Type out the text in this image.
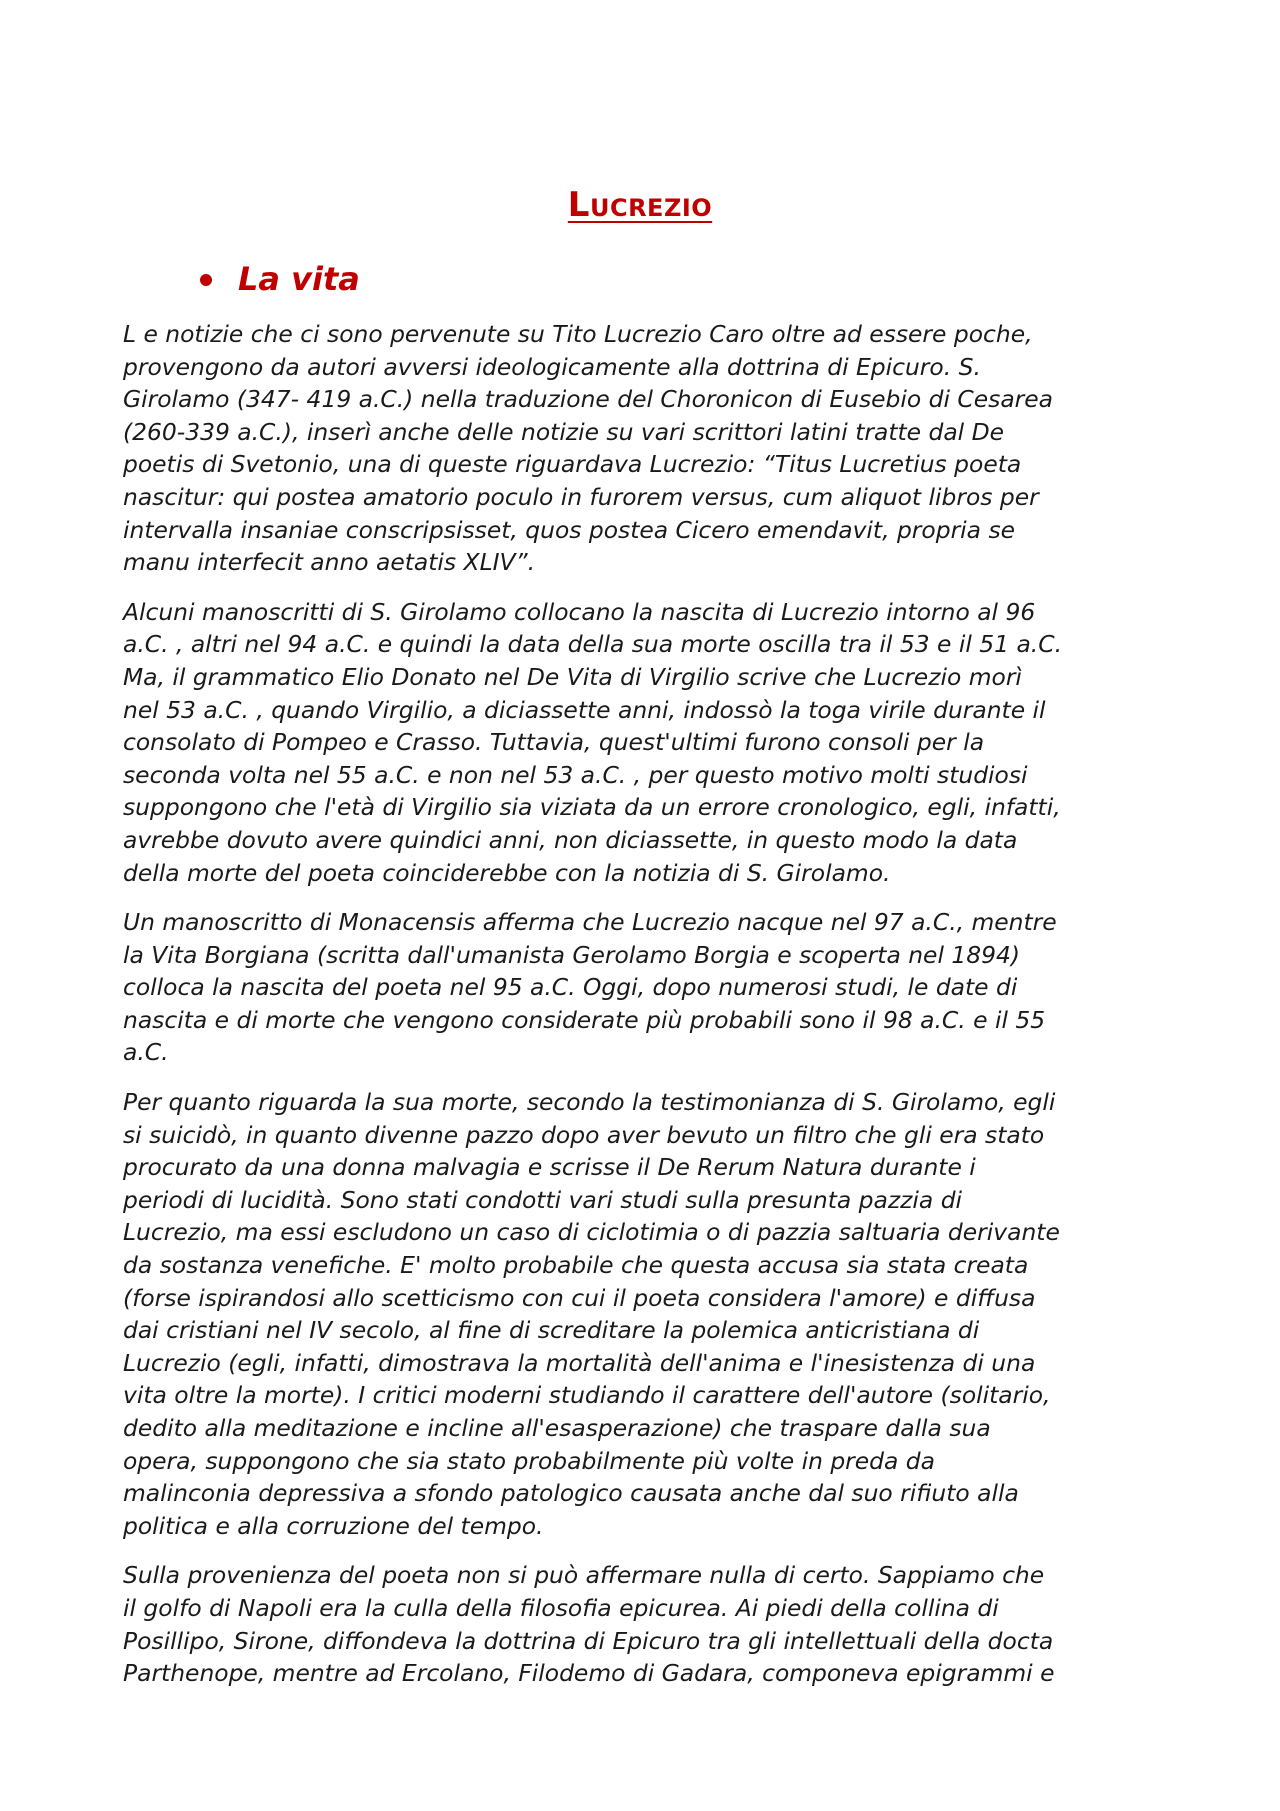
Lucrezio
La vita

L e notizie che ci sono pervenute su Tito Lucrezio Caro oltre ad essere poche,
provengono da autori avversi ideologicamente alla dottrina di Epicuro. S.
Girolamo (347- 419 a.C.) nella traduzione del Choronicon di Eusebio di Cesarea
(260-339 a.C.), inserì anche delle notizie su vari scrittori latini tratte dal De
poetis di Svetonio, una di queste riguardava Lucrezio: “Titus Lucretius poeta
nascitur: qui postea amatorio poculo in furorem versus, cum aliquot libros per
intervalla insaniae conscripsisset, quos postea Cicero emendavit, propria se
manu interfecit anno aetatis XLIV”.

Alcuni manoscritti di S. Girolamo collocano la nascita di Lucrezio intorno al 96
a.C. , altri nel 94 a.C. e quindi la data della sua morte oscilla tra il 53 e il 51 a.C.
Ma, il grammatico Elio Donato nel De Vita di Virgilio scrive che Lucrezio morì
nel 53 a.C. , quando Virgilio, a diciassette anni, indossò la toga virile durante il
consolato di Pompeo e Crasso. Tuttavia, quest'ultimi furono consoli per la
seconda volta nel 55 a.C. e non nel 53 a.C. , per questo motivo molti studiosi
suppongono che l'età di Virgilio sia viziata da un errore cronologico, egli, infatti,
avrebbe dovuto avere quindici anni, non diciassette, in questo modo la data
della morte del poeta coinciderebbe con la notizia di S. Girolamo.

Un manoscritto di Monacensis afferma che Lucrezio nacque nel 97 a.C., mentre
la Vita Borgiana (scritta dall'umanista Gerolamo Borgia e scoperta nel 1894)
colloca la nascita del poeta nel 95 a.C. Oggi, dopo numerosi studi, le date di
nascita e di morte che vengono considerate più probabili sono il 98 a.C. e il 55
a.C.

Per quanto riguarda la sua morte, secondo la testimonianza di S. Girolamo, egli
si suicidò, in quanto divenne pazzo dopo aver bevuto un filtro che gli era stato
procurato da una donna malvagia e scrisse il De Rerum Natura durante i
periodi di lucidità. Sono stati condotti vari studi sulla presunta pazzia di
Lucrezio, ma essi escludono un caso di ciclotimia o di pazzia saltuaria derivante
da sostanza venefiche. E' molto probabile che questa accusa sia stata creata
(forse ispirandosi allo scetticismo con cui il poeta considera l'amore) e diffusa
dai cristiani nel IV secolo, al fine di screditare la polemica anticristiana di
Lucrezio (egli, infatti, dimostrava la mortalità dell'anima e l'inesistenza di una
vita oltre la morte). I critici moderni studiando il carattere dell'autore (solitario,
dedito alla meditazione e incline all'esasperazione) che traspare dalla sua
opera, suppongono che sia stato probabilmente più volte in preda da
malinconia depressiva a sfondo patologico causata anche dal suo rifiuto alla
politica e alla corruzione del tempo.

Sulla provenienza del poeta non si può affermare nulla di certo. Sappiamo che
il golfo di Napoli era la culla della filosofia epicurea. Ai piedi della collina di
Posillipo, Sirone, diffondeva la dottrina di Epicuro tra gli intellettuali della docta
Parthenope, mentre ad Ercolano, Filodemo di Gadara, componeva epigrammi e
